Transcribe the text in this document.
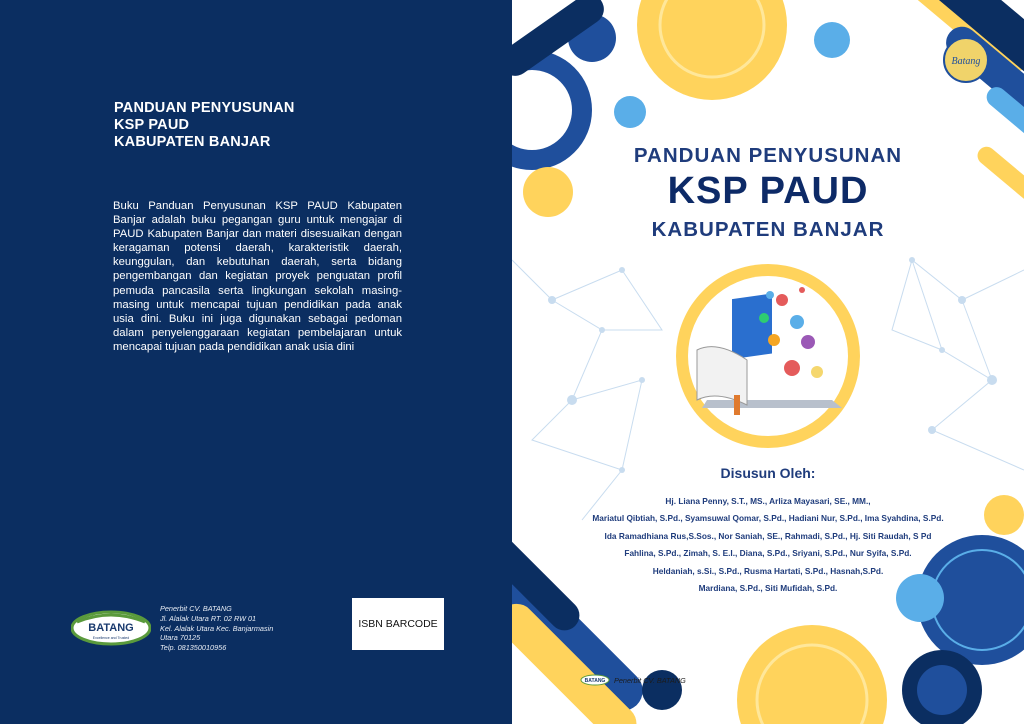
PANDUAN PENYUSUNAN
KSP PAUD
KABUPATEN BANJAR
Buku Panduan Penyusunan KSP PAUD Kabupaten Banjar adalah buku pegangan guru untuk mengajar di PAUD Kabupaten Banjar dan materi disesuaikan dengan keragaman potensi daerah, karakteristik daerah, keunggulan, dan kebutuhan daerah, serta bidang pengembangan dan kegiatan proyek penguatan profil pemuda pancasila serta lingkungan sekolah masing-masing untuk mencapai tujuan pendidikan pada anak usia dini. Buku ini juga digunakan sebagai pedoman dalam penyelenggaraan kegiatan pembelajaran untuk mencapai tujuan pada pendidikan anak usia dini
BATANG
Excellence and Trusted
Penerbit CV. BATANG
Jl. Alalak Utara RT. 02 RW 01
Kel. Alalak Utara Kec. Banjarmasin
Utara 70125
Telp. 081350010956
ISBN BARCODE
Batang
PANDUAN PENYUSUNAN
KSP PAUD
KABUPATEN BANJAR
Disusun Oleh:
Hj. Liana Penny, S.T., MS., Arliza Mayasari, SE., MM.,
Mariatul Qibtiah, S.Pd., Syamsuwal Qomar, S.Pd., Hadiani Nur, S.Pd., Ima Syahdina, S.Pd.
Ida Ramadhiana Rus,S.Sos., Nor Saniah, SE., Rahmadi, S.Pd., Hj. Siti Raudah, S Pd
Fahlina, S.Pd., Zimah, S. E.I., Diana, S.Pd., Sriyani, S.Pd., Nur Syifa, S.Pd.
Heldaniah, s.Si., S.Pd., Rusma Hartati, S.Pd., Hasnah,S.Pd.
Mardiana, S.Pd., Siti Mufidah, S.Pd.
BATANG Penerbit CV. BATANG
